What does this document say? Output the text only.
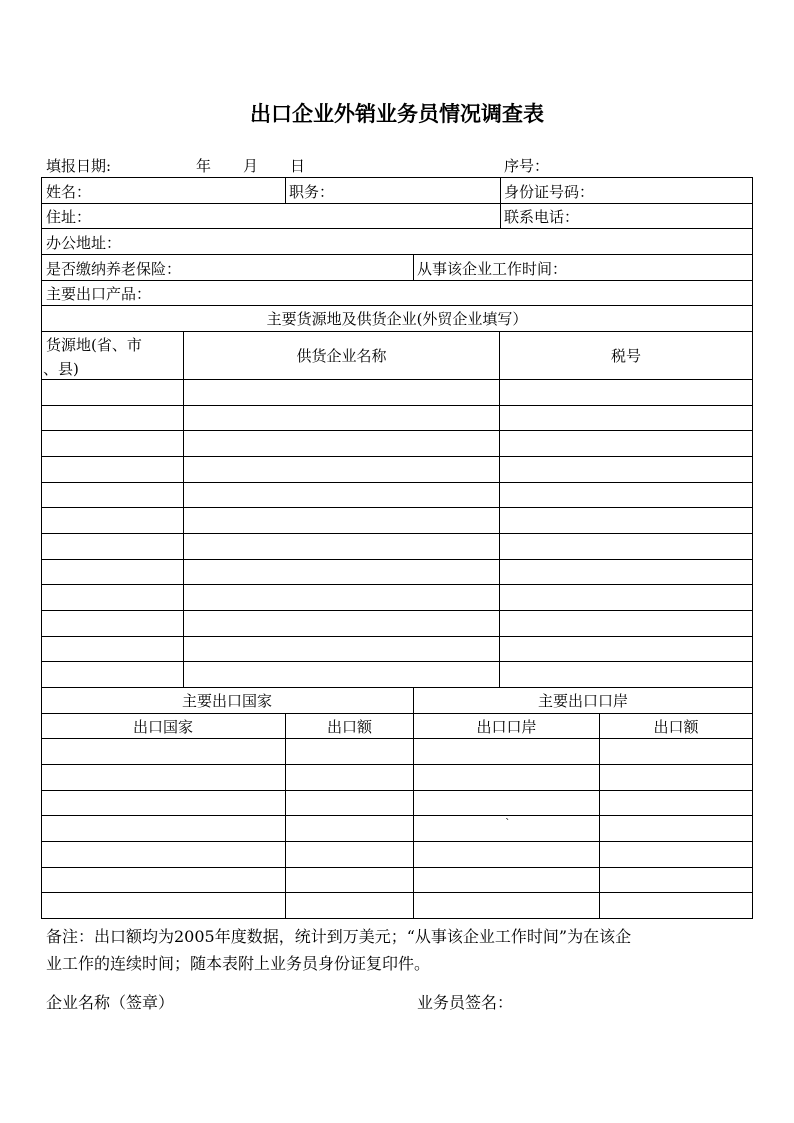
出口企业外销业务员情况调查表
填报日期:	年 月 日	序号：
姓名：	职务：	身份证号码：
住址：	联系电话：
办公地址：
是否缴纳养老保险：	从事该企业工作时间：
主要出口产品：
主要货源地及供货企业(外贸企业填写）
货源地(省、市
、县)
供货企业名称	税号
主要出口国家	主要出口口岸
出口国家	出口额	出口口岸	出口额
`
备注：出口额均为2005年度数据，统计到万美元；“从事该企业工作时间”为在该企
业工作的连续时间；随本表附上业务员身份证复印件。
企业名称（签章）	业务员签名：
